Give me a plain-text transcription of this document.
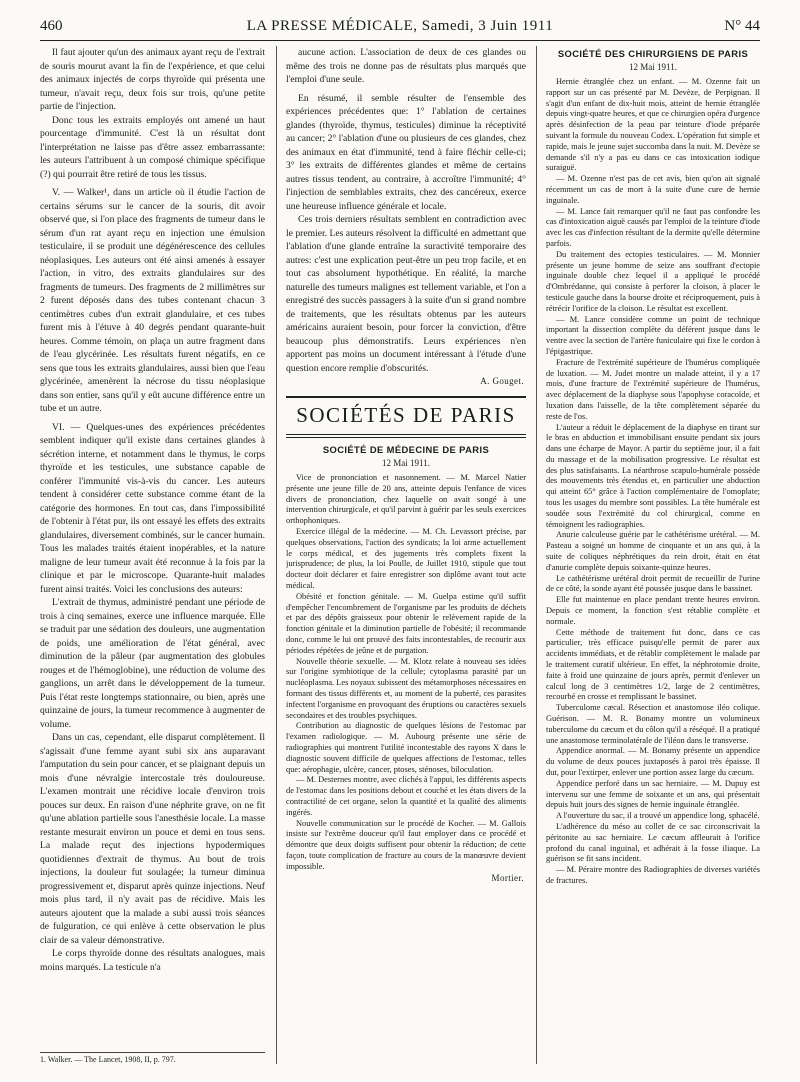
460	LA PRESSE MÉDICALE, Samedi, 3 Juin 1911	N° 44

Il faut ajouter qu'un des animaux ayant reçu de l'extrait de souris mourut avant la fin de l'expérience, et que celui des animaux injectés de corps thyroïde qui présenta une tumeur, n'avait reçu, deux fois sur trois, qu'une petite partie de l'injection.

Donc tous les extraits employés ont amené un haut pourcentage d'immunité. C'est là un résultat dont l'interprétation ne laisse pas d'être assez embarrassante: les auteurs l'attribuent à un composé chimique spécifique (?) qui pourrait être retiré de tous les tissus.

V. — Walker¹, dans un article où il étudie l'action de certains sérums sur le cancer de la souris, dit avoir observé que, si l'on place des fragments de tumeur dans le sérum d'un rat ayant reçu en injection une émulsion testiculaire, il se produit une dégénérescence des cellules néoplasiques. Les auteurs ont été ainsi amenés à essayer l'action, in vitro, des extraits glandulaires sur des fragments de tumeurs. Des fragments de 2 millimètres sur 2 furent déposés dans des tubes contenant chacun 3 centimètres cubes d'un extrait glandulaire, et ces tubes furent mis à l'étuve à 40 degrés pendant quarante-huit heures. Comme témoin, on plaça un autre fragment dans de l'eau glycérinée. Les résultats furent négatifs, en ce sens que tous les extraits glandulaires, aussi bien que l'eau glycérinée, amenèrent la nécrose du tissu néoplasique dans son entier, sans qu'il y eût aucune différence entre un tube et un autre.

VI. — Quelques-unes des expériences précédentes semblent indiquer qu'il existe dans certaines glandes à sécrétion interne, et notamment dans le thymus, le corps thyroïde et les testicules, une substance capable de conférer l'immunité vis-à-vis du cancer. Les auteurs tendent à considérer cette substance comme étant de la catégorie des hormones. En tout cas, dans l'impossibilité de l'obtenir à l'état pur, ils ont essayé les effets des extraits glandulaires, diversement combinés, sur le cancer humain. Tous les malades traités étaient inopérables, et la nature maligne de leur tumeur avait été reconnue à la fois par la clinique et par le microscope. Quarante-huit malades furent ainsi traités. Voici les conclusions des auteurs:

L'extrait de thymus, administré pendant une période de trois à cinq semaines, exerce une influence marquée. Elle se traduit par une sédation des douleurs, une augmentation de poids, une amélioration de l'état général, avec diminution de la pâleur (par augmentation des globules rouges et de l'hémoglobine), une réduction de volume des ganglions, un arrêt dans le développement de la tumeur. Puis l'état reste longtemps stationnaire, ou bien, après une quinzaine de jours, la tumeur recommence à augmenter de volume.

Dans un cas, cependant, elle disparut complètement. Il s'agissait d'une femme ayant subi six ans auparavant l'amputation du sein pour cancer, et se plaignant depuis un mois d'une névralgie intercostale très douloureuse. L'examen montrait une récidive locale d'environ trois pouces sur deux. En raison d'une néphrite grave, on ne fit qu'une ablation partielle sous l'anesthésie locale. La masse restante mesurait environ un pouce et demi en tous sens. La malade reçut des injections hypodermiques quotidiennes d'extrait de thymus. Au bout de trois injections, la douleur fut soulagée; la tumeur diminua progressivement et, disparut après quinze injections. Neuf mois plus tard, il n'y avait pas de récidive. Mais les auteurs ajoutent que la malade a subi aussi trois séances de fulguration, ce qui enlève à cette observation le plus clair de sa valeur démonstrative.

Le corps thyroïde donne des résultats analogues, mais moins marqués. La testicule n'a

1. Walker. — The Lancet, 1908, II, p. 797.

aucune action. L'association de deux de ces glandes ou même des trois ne donne pas de résultats plus marqués que l'emploi d'une seule.

En résumé, il semble résulter de l'ensemble des expériences précédentes que: 1° l'ablation de certaines glandes (thyroïde, thymus, testicules) diminue la réceptivité au cancer; 2° l'ablation d'une ou plusieurs de ces glandes, chez des animaux en état d'immunité, tend à faire fléchir celle-ci; 3° les extraits de différentes glandes et même de certains autres tissus tendent, au contraire, à accroître l'immunité; 4° l'injection de semblables extraits, chez des cancéreux, exerce une heureuse influence générale et locale.

Ces trois derniers résultats semblent en contradiction avec le premier. Les auteurs résolvent la difficulté en admettant que l'ablation d'une glande entraîne la suractivité temporaire des autres: c'est une explication peut-être un peu trop facile, et en tout cas absolument hypothétique. En réalité, la marche naturelle des tumeurs malignes est tellement variable, et l'on a enregistré des succès passagers à la suite d'un si grand nombre de traitements, que les résultats obtenus par les auteurs américains auraient besoin, pour forcer la conviction, d'être beaucoup plus démonstratifs. Leurs expériences n'en apportent pas moins un document intéressant à l'étude d'une question encore remplie d'obscurités.

A. Gouget.
SOCIÉTÉS DE PARIS
SOCIÉTÉ DE MÉDECINE DE PARIS
12 Mai 1911.

Vice de prononciation et nasonnement. — M. Marcel Natier présente une jeune fille de 20 ans, atteinte depuis l'enfance de vices divers de prononciation, chez laquelle on avait songé à une intervention chirurgicale, et qu'il parvint à guérir par les seuls exercices orthophoniques.

Exercice illégal de la médecine. — M. Ch. Levassort précise, par quelques observations, l'action des syndicats; la loi arme actuellement le corps médical, et des jugements très complets fixent la jurisprudence; de plus, la loi Poulle, de Juillet 1910, stipule que tout docteur doit déclarer et faire enregistrer son diplôme avant tout acte médical.

Obésité et fonction génitale. — M. Guelpa estime qu'il suffit d'empêcher l'encombrement de l'organisme par les produits de déchets et par des dépôts graisseux pour obtenir le relèvement rapide de la fonction génitale et la diminution partielle de l'obésité; il recommande donc, comme le lui ont prouvé des faits incontestables, de recourir aux périodes répétées de jeûne et de purgation.

Nouvelle théorie sexuelle. — M. Klotz relate à nouveau ses idées sur l'origine symbiotique de la cellule; cytoplasma parasité par un nucléoplasma. Les noyaux subissent des métamorphoses nécessaires en formant des tissus différents et, au moment de la puberté, ces parasites infectent l'organisme en provoquant des éruptions ou caractères sexuels secondaires et des troubles psychiques.

Contribution au diagnostic de quelques lésions de l'estomac par l'examen radiologique. — M. Aubourg présente une série de radiographies qui montrent l'utilité incontestable des rayons X dans le diagnostic souvent difficile de quelques affections de l'estomac, telles que: aérophagie, ulcère, cancer, ptoses, sténoses, biloculation.

— M. Desternes montre, avec clichés à l'appui, les différents aspects de l'estomac dans les positions debout et couché et les états divers de la contractilité de cet organe, selon la quantité et la qualité des aliments ingérés.

Nouvelle communication sur le procédé de Kocher. — M. Gallois insiste sur l'extrême douceur qu'il faut employer dans ce procédé et démontre que deux doigts suffisent pour obtenir la réduction; de cette façon, toute complication de fracture au cours de la manœuvre devient impossible.

Mortier.
SOCIÉTÉ DES CHIRURGIENS DE PARIS
12 Mai 1911.

Hernie étranglée chez un enfant. — M. Ozenne fait un rapport sur un cas présenté par M. Devèze, de Perpignan. Il s'agit d'un enfant de dix-huit mois, atteint de hernie étranglée depuis vingt-quatre heures, et que ce chirurgien opéra d'urgence après désinfection de la peau par teinture d'iode préparée suivant la formule du nouveau Codex. L'opération fut simple et rapide, mais le jeune sujet succomba dans la nuit. M. Devèze se demande s'il n'y a pas eu dans ce cas intoxication iodique suraiguë.

— M. Ozenne n'est pas de cet avis, bien qu'on ait signalé récemment un cas de mort à la suite d'une cure de hernie inguinale.

— M. Lance fait remarquer qu'il ne faut pas confondre les cas d'intoxication aiguë causés par l'emploi de la teinture d'iode avec les cas d'infection résultant de la dermite qu'elle détermine parfois.

Du traitement des ectopies testiculaires. — M. Monnier présente un jeune homme de seize ans souffrant d'ectopie inguinale double chez lequel il a appliqué le procédé d'Ombrédanne, qui consiste à perforer la cloison, à placer le testicule gauche dans la bourse droite et réciproquement, puis à rétrécir l'orifice de la cloison. Le résultat est excellent.

— M. Lance considère comme un point de technique important la dissection complète du déférent jusque dans le ventre avec la section de l'artère funiculaire qui fixe le cordon à l'épigastrique.

Fracture de l'extrémité supérieure de l'humérus compliquée de luxation. — M. Judet montre un malade atteint, il y a 17 mois, d'une fracture de l'extrémité supérieure de l'humérus, avec déplacement de la diaphyse sous l'apophyse coracoïde, et luxation dans l'aisselle, de la tête complètement séparée du reste de l'os.

L'auteur a réduit le déplacement de la diaphyse en tirant sur le bras en abduction et immobilisant ensuite pendant six jours dans une écharpe de Mayor. A partir du septième jour, il a fait du massage et de la mobilisation progressive. Le résultat est des plus satisfaisants. La néarthrose scapulo-humérale possède des mouvements très étendus et, en particulier une abduction qui atteint 65° grâce à l'action complémentaire de l'omoplate; tous les usages du membre sont possibles. La tête humérale est soudée sous l'extrémité du col chirurgical, comme en témoignent les radiographies.

Anurie calculeuse guérie par le cathétérisme urétéral. — M. Pasteau a soigné un homme de cinquante et un ans qui, à la suite de coliques néphrétiques du rein droit, était en état d'anurie complète depuis soixante-quinze heures.

Le cathétérisme urétéral droit permit de recueillir de l'urine de ce côté, la sonde ayant été poussée jusque dans le bassinet.

Elle fut maintenue en place pendant trente heures environ. Depuis ce moment, la fonction s'est rétablie complète et normale.

Cette méthode de traitement fut donc, dans ce cas particulier, très efficace puisqu'elle permit de parer aux accidents immédiats, et de rétablir complètement le malade par le traitement curatif ultérieur. En effet, la néphrotomie droite, faite à froid une quinzaine de jours après, permit d'enlever un calcul long de 3 centimètres 1/2, large de 2 centimètres, recourbé en crosse et remplissant le bassinet.

Tuberculome cæcal. Résection et anastomose iléo colique. Guérison. — M. R. Bonamy montre un volumineux tuberculome du cæcum et du côlon qu'il a réséqué. Il a pratiqué une anastomose terminolatérale de l'iléon dans le transverse.

Appendice anormal. — M. Bonamy présente un appendice du volume de deux pouces juxtaposés à paroi très épaisse. Il dut, pour l'extirper, enlever une portion assez large du cæcum.

Appendice perforé dans un sac herniaire. — M. Dupuy est intervenu sur une femme de soixante et un ans, qui présentait depuis huit jours des signes de hernie inguinale étranglée.

A l'ouverture du sac, il a trouvé un appendice long, sphacélé.

L'adhérence du méso au collet de ce sac circonscrivait la péritonite au sac herniaire. Le cæcum affleurait à l'orifice profond du canal inguinal, et adhérait à la fosse iliaque. La guérison se fit sans incident.

— M. Péraire montre des Radiographies de diverses variétés de fractures.
